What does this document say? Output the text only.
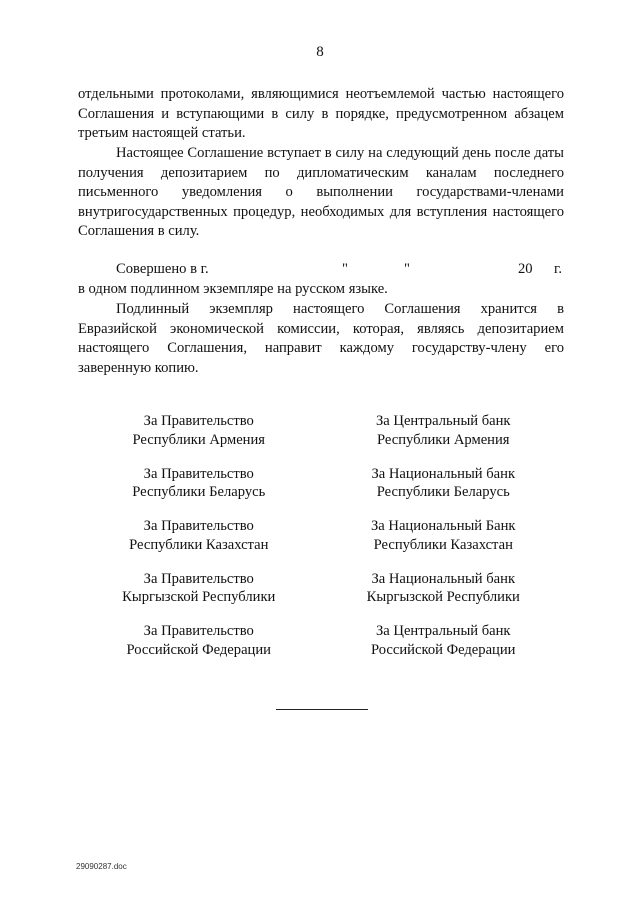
8

отдельными протоколами, являющимися неотъемлемой частью настоящего Соглашения и вступающими в силу в порядке, предусмотренном абзацем третьим настоящей статьи.

Настоящее Соглашение вступает в силу на следующий день после даты получения депозитарием по дипломатическим каналам последнего письменного уведомления о выполнении государствами-членами внутригосударственных процедур, необходимых для вступления настоящего Соглашения в силу.

Совершено в г.	"	"	20 г.

в одном подлинном экземпляре на русском языке.

Подлинный экземпляр настоящего Соглашения хранится в Евразийской экономической комиссии, которая, являясь депозитарием настоящего Соглашения, направит каждому государству-члену его заверенную копию.

За Правительство
Республики Армения
За Центральный банк
Республики Армения
За Правительство
Республики Беларусь
За Национальный банк
Республики Беларусь
За Правительство
Республики Казахстан
За Национальный Банк
Республики Казахстан
За Правительство
Кыргызской Республики
За Национальный банк
Кыргызской Республики
За Правительство
Российской Федерации
За Центральный банк
Российской Федерации
29090287.doc
